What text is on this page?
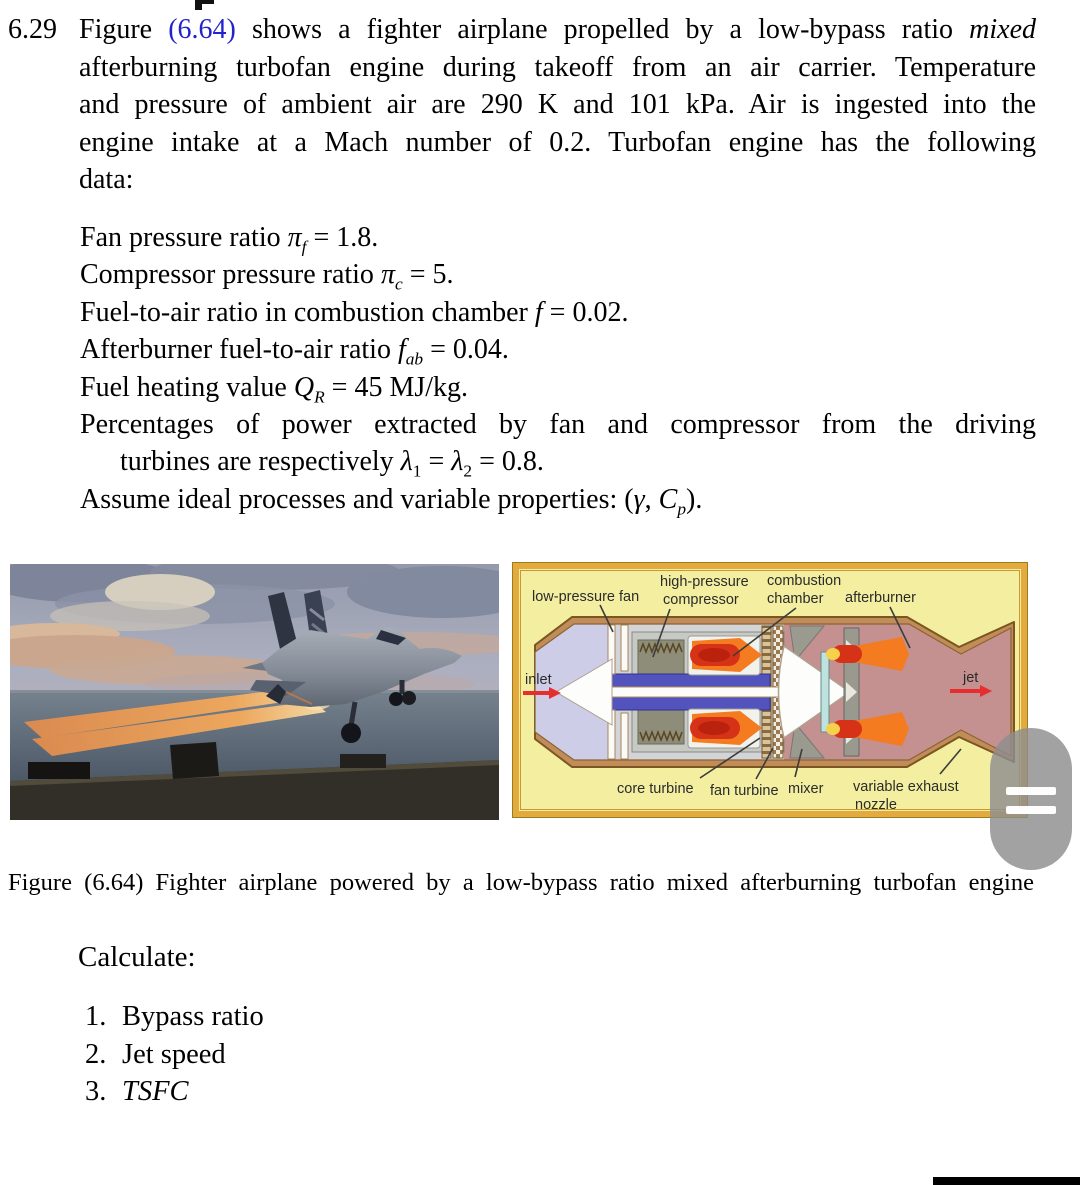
6.29 Figure (6.64) shows a fighter airplane propelled by a low-bypass ratio mixed
afterburning turbofan engine during takeoff from an air carrier. Temperature
and pressure of ambient air are 290 K and 101 kPa. Air is ingested into the
engine intake at a Mach number of 0.2. Turbofan engine has the following
data:
Fan pressure ratio $\pi_f = 1.8$.
Compressor pressure ratio $\pi_c = 5$.
Fuel-to-air ratio in combustion chamber f = 0.02.
Afterburner fuel-to-air ratio $f_{ab} = 0.04$.
Fuel heating value $Q_R = 45$ MJ/kg.
Percentages of power extracted by fan and compressor from the driving
turbines are respectively $\lambda_1 = \lambda_2 = 0.8$.
Assume ideal processes and variable properties: (γ, $C_p$).
low-pressure fan
high-pressure
compressor
combustion
chamber afterburner
inlet	jet
core turbine fan turbine mixer variable exhaust
nozzle
Figure (6.64) Fighter airplane powered by a low-bypass ratio mixed afterburning turbofan engine
Calculate:
1. Bypass ratio
2. Jet speed
3. TSFC
